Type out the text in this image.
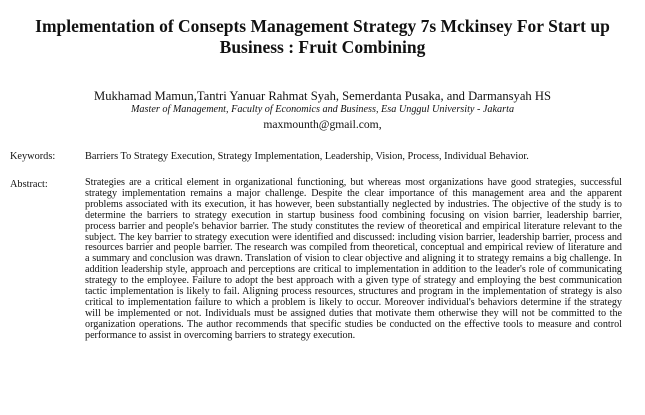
Implementation of Consepts Management Strategy 7s Mckinsey For Start up Business : Fruit Combining
Mukhamad Mamun,Tantri Yanuar Rahmat Syah, Semerdanta Pusaka, and Darmansyah HS
Master of Management, Faculty of Economics and Business, Esa Unggul University - Jakarta
maxmounth@gmail.com,
Keywords:	Barriers To Strategy Execution, Strategy Implementation, Leadership, Vision, Process, Individual Behavior.
Abstract:	Strategies are a critical element in organizational functioning, but whereas most organizations have good strategies, successful strategy implementation remains a major challenge. Despite the clear importance of this management area and the apparent problems associated with its execution, it has however, been substantially neglected by industries. The objective of the study is to determine the barriers to strategy execution in startup business food combining focusing on vision barrier, leadership barrier, process barrier and people's behavior barrier. The study constitutes the review of theoretical and empirical literature relevant to the subject. The key barrier to strategy execution were identified and discussed: including vision barrier, leadership barrier, process and resources barrier and people barrier. The research was compiled from theoretical, conceptual and empirical review of literature and a summary and conclusion was drawn. Translation of vision to clear objective and aligning it to strategy remains a big challenge. In addition leadership style, approach and perceptions are critical to implementation in addition to the leader's role of communicating strategy to the employee. Failure to adopt the best approach with a given type of strategy and employing the best communication tactic implementation is likely to fail. Aligning process resources, structures and program in the implementation of strategy is also critical to implementation failure to which a problem is likely to occur. Moreover individual's behaviors determine if the strategy will be implemented or not. Individuals must be assigned duties that motivate them otherwise they will not be committed to the organization operations. The author recommends that specific studies be conducted on the effective tools to measure and control performance to assist in overcoming barriers to strategy execution.
